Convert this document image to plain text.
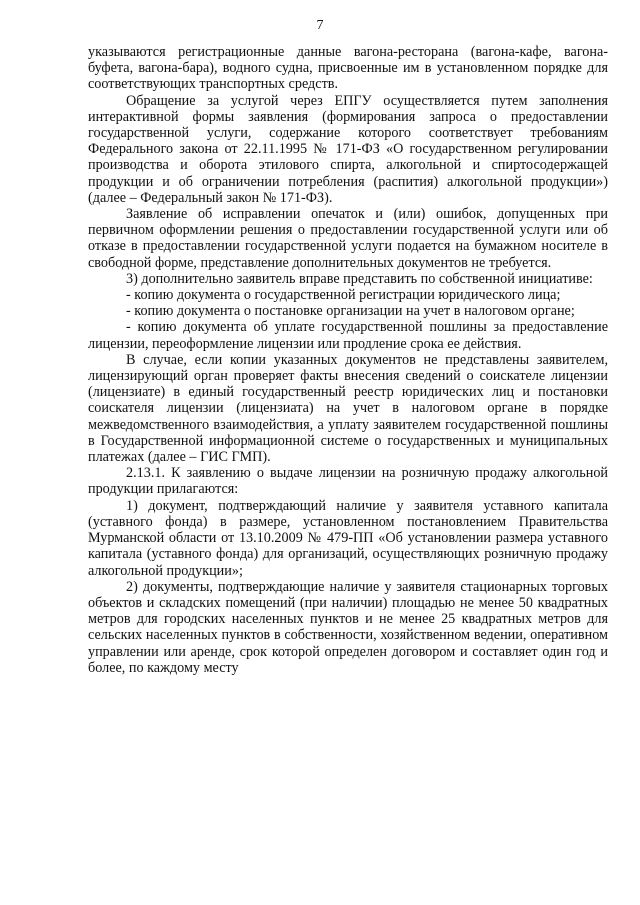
7

указываются регистрационные данные вагона-ресторана (вагона-кафе, вагона-буфета, вагона-бара), водного судна, присвоенные им в установленном порядке для соответствующих транспортных средств.

Обращение за услугой через ЕПГУ осуществляется путем заполнения интерактивной формы заявления (формирования запроса о предоставлении государственной услуги, содержание которого соответствует требованиям Федерального закона от 22.11.1995 № 171-ФЗ «О государственном регулировании производства и оборота этилового спирта, алкогольной и спиртосодержащей продукции и об ограничении потребления (распития) алкогольной продукции») (далее – Федеральный закон № 171-ФЗ).

Заявление об исправлении опечаток и (или) ошибок, допущенных при первичном оформлении решения о предоставлении государственной услуги или об отказе в предоставлении государственной услуги подается на бумажном носителе в свободной форме, представление дополнительных документов не требуется.

3) дополнительно заявитель вправе представить по собственной инициативе:

- копию документа о государственной регистрации юридического лица;

- копию документа о постановке организации на учет в налоговом органе;

- копию документа об уплате государственной пошлины за предоставление лицензии, переоформление лицензии или продление срока ее действия.

В случае, если копии указанных документов не представлены заявителем, лицензирующий орган проверяет факты внесения сведений о соискателе лицензии (лицензиате) в единый государственный реестр юридических лиц и постановки соискателя лицензии (лицензиата) на учет в налоговом органе в порядке межведомственного взаимодействия, а уплату заявителем государственной пошлины в Государственной информационной системе о государственных и муниципальных платежах (далее – ГИС ГМП).

2.13.1. К заявлению о выдаче лицензии на розничную продажу алкогольной продукции прилагаются:

1) документ, подтверждающий наличие у заявителя уставного капитала (уставного фонда) в размере, установленном постановлением Правительства Мурманской области от 13.10.2009 № 479-ПП «Об установлении размера уставного капитала (уставного фонда) для организаций, осуществляющих розничную продажу алкогольной продукции»;

2) документы, подтверждающие наличие у заявителя стационарных торговых объектов и складских помещений (при наличии) площадью не менее 50 квадратных метров для городских населенных пунктов и не менее 25 квадратных метров для сельских населенных пунктов в собственности, хозяйственном ведении, оперативном управлении или аренде, срок которой определен договором и составляет один год и более, по каждому месту
